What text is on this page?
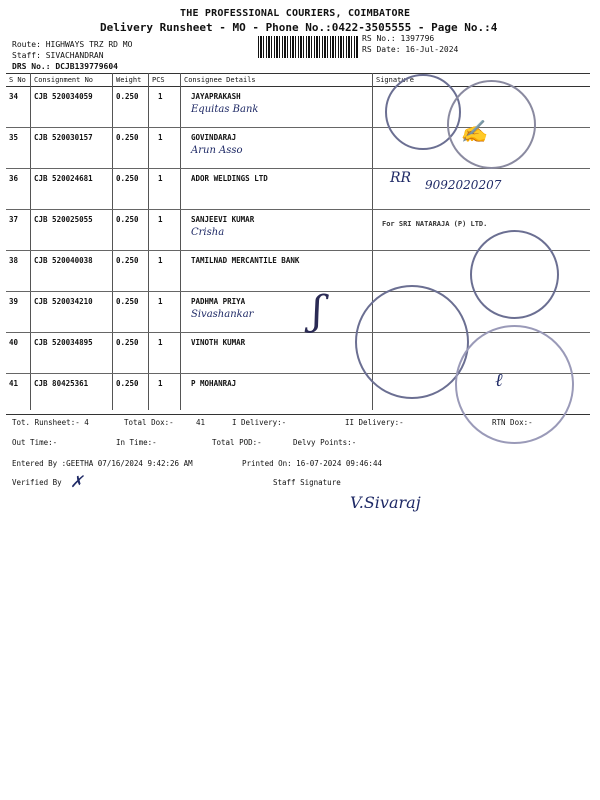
THE PROFESSIONAL COURIERS, COIMBATORE
Delivery Runsheet - MO - Phone No.:0422-3505555 - Page No.:4
Route: HIGHWAYS TRZ RD MO
Staff: SIVACHANDRAN
DRS No.: DCJB139779604
RS No.: 1397796
RS Date: 16-Jul-2024
S No Consignment No	Weight PCS	Consignee Details	Signature
34 CJB 520034059	0.250	1	JAYAPRAKASH
Equitas Bank
35 CJB 520030157	0.250	1	GOVINDARAJ
Arun Asso
36 CJB 520024681	0.250	1	ADOR WELDINGS LTD
37 CJB 520025055	0.250	1	SANJEEVI KUMAR
Crisha
38 CJB 520040038	0.250	1	TAMILNAD MERCANTILE BANK
39 CJB 520034210	0.250	1	PADHMA PRIYA
Sivashankar
40 CJB 520034895	0.250	1	VINOTH KUMAR
41 CJB 80425361	0.250	1	P MOHANRAJ
✍
RR 9092020207
For SRI NATARAJA (P) LTD.
ʃ
ℓ
Tot. Runsheet:- 4	Total Dox:-	41	I Delivery:-	II Delivery:-	RTN Dox:-
Out Time:-	In Time:-	Total POD:-	Delvy Points:-
Entered By :GEETHA 07/16/2024 9:42:26 AM	Printed On: 16-07-2024 09:46:44
Verified By ✗	Staff Signature
V.Sivaraj
